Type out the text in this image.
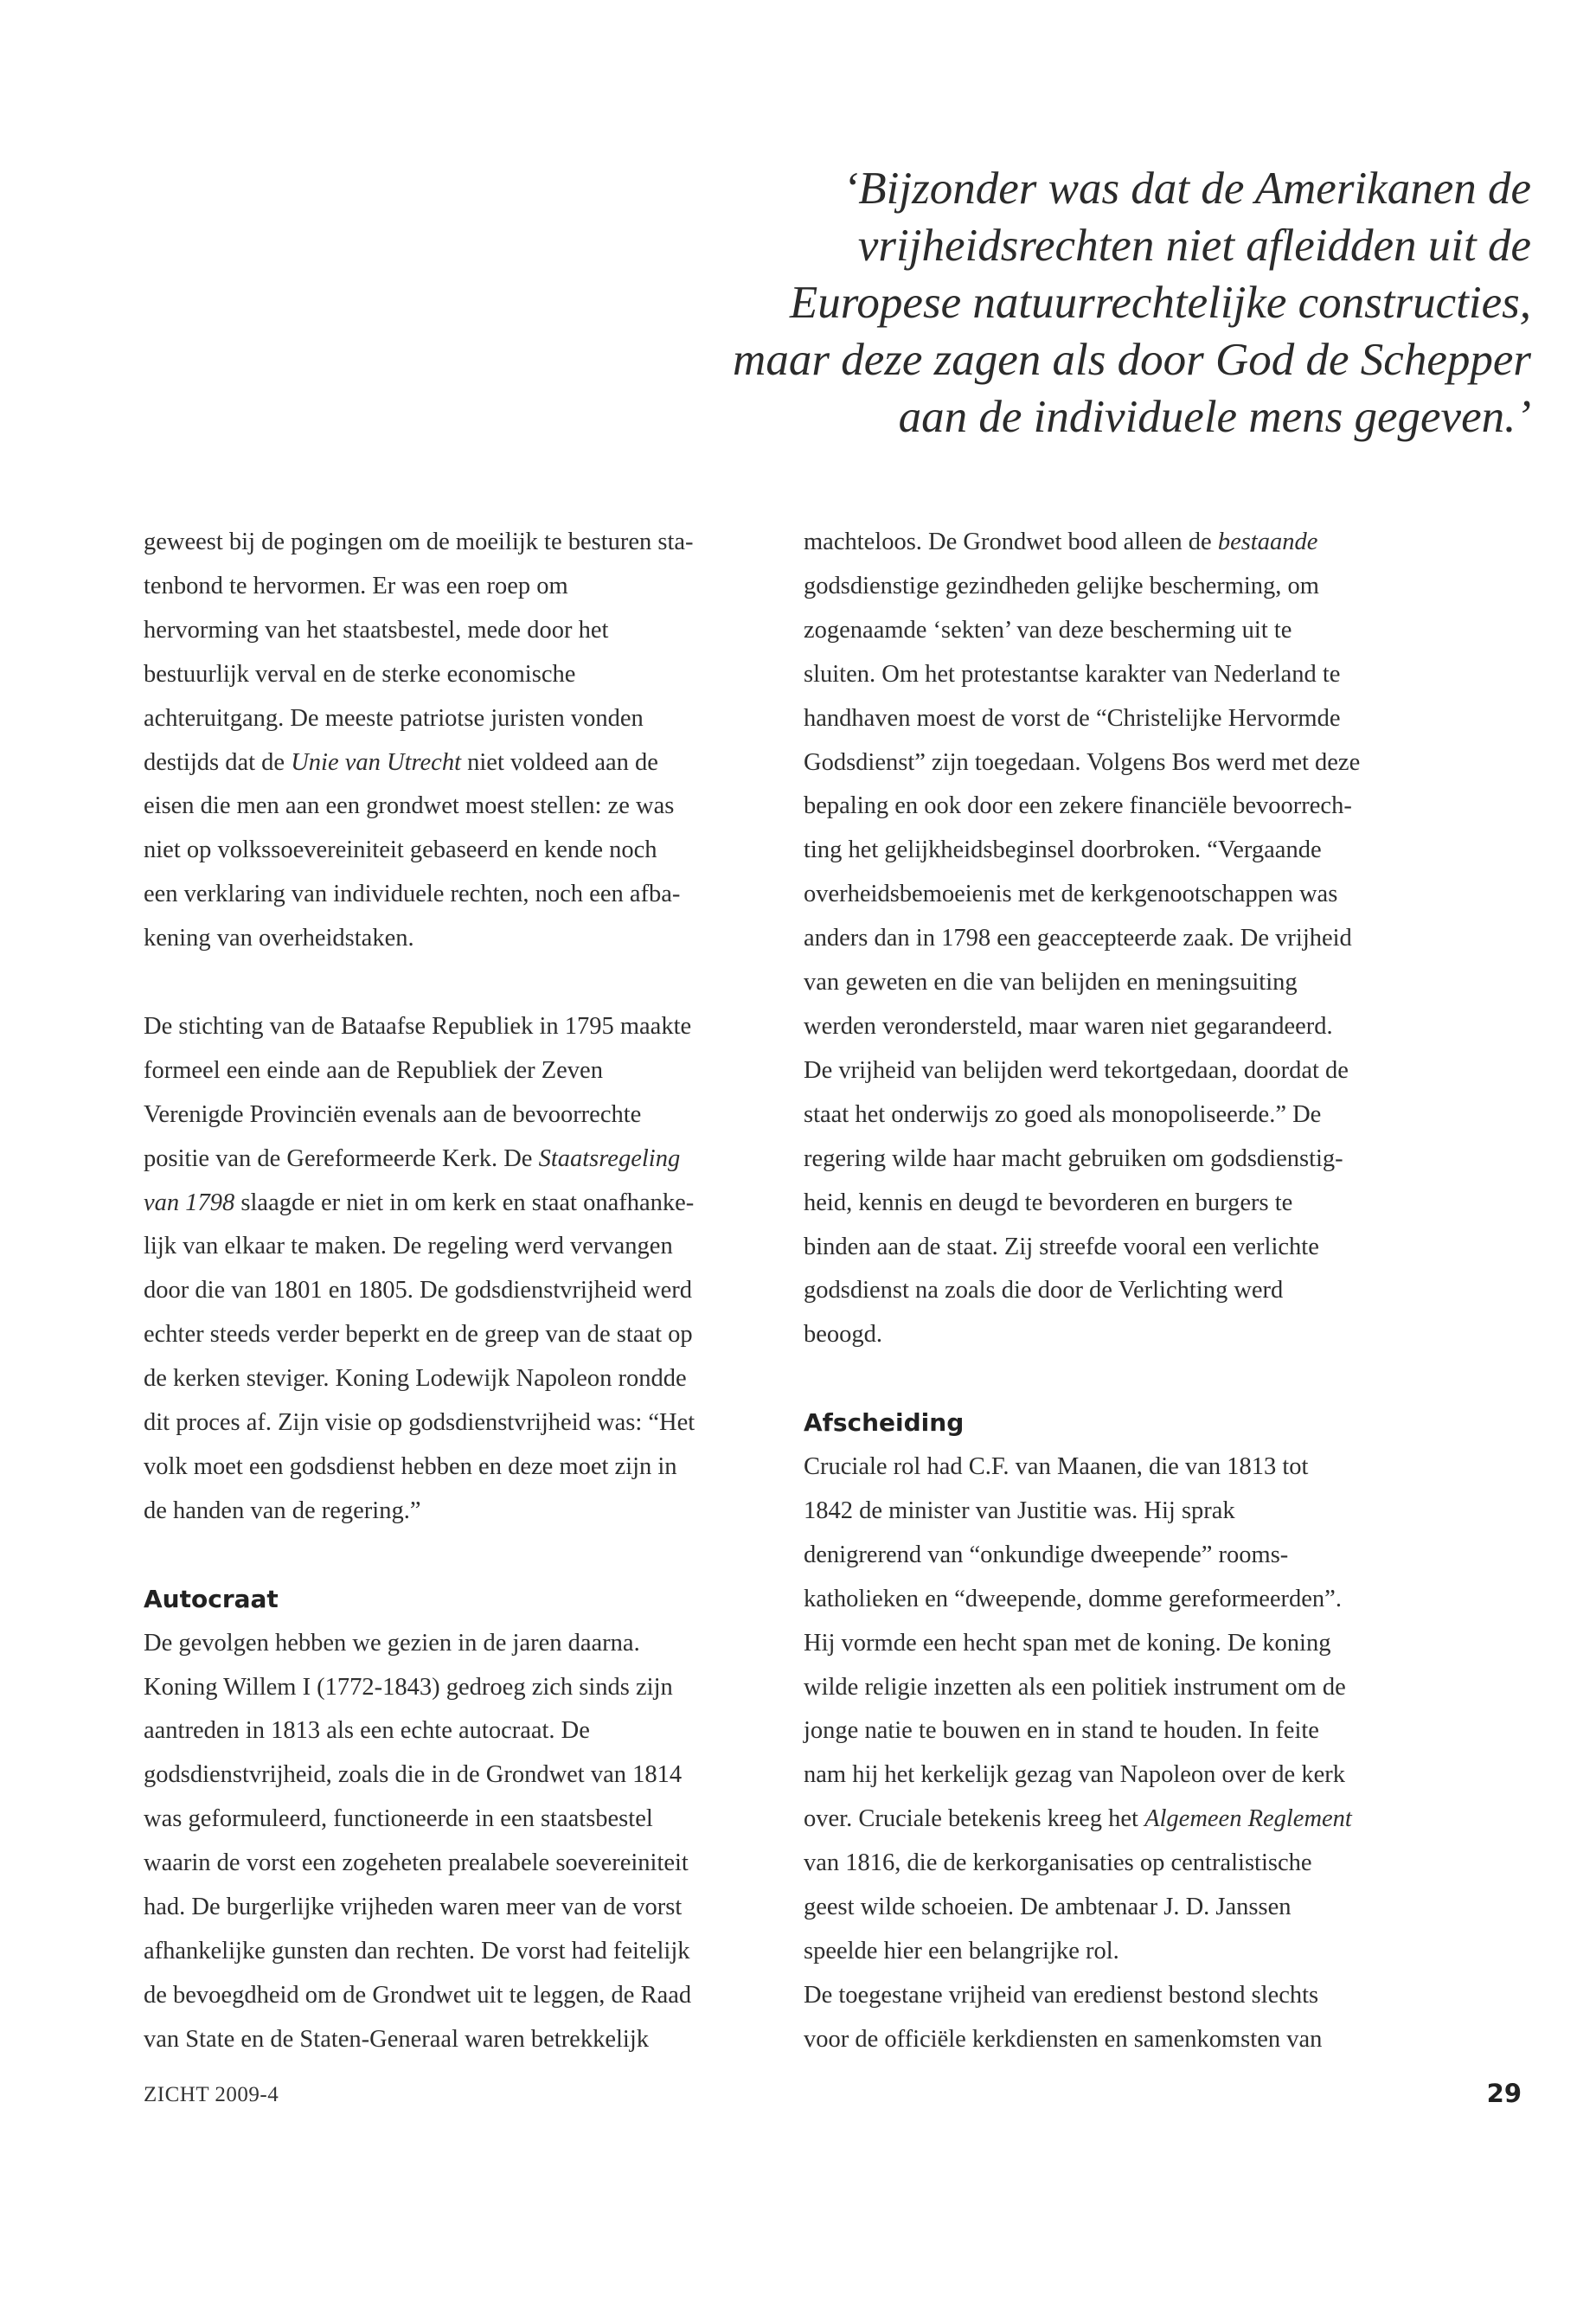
‘Bijzonder was dat de Amerikanen de
vrijheidsrechten niet afleidden uit de
Europese natuurrechtelijke constructies,
maar deze zagen als door God de Schepper
aan de individuele mens gegeven.’
geweest bij de pogingen om de moeilijk te besturen sta-
tenbond te hervormen. Er was een roep om
hervorming van het staatsbestel, mede door het
bestuurlijk verval en de sterke economische
achteruitgang. De meeste patriotse juristen vonden
destijds dat de Unie van Utrecht niet voldeed aan de
eisen die men aan een grondwet moest stellen: ze was
niet op volkssoevereiniteit gebaseerd en kende noch
een verklaring van individuele rechten, noch een afba-
kening van overheidstaken.
De stichting van de Bataafse Republiek in 1795 maakte
formeel een einde aan de Republiek der Zeven
Verenigde Provinciën evenals aan de bevoorrechte
positie van de Gereformeerde Kerk. De Staatsregeling
van 1798 slaagde er niet in om kerk en staat onafhanke-
lijk van elkaar te maken. De regeling werd vervangen
door die van 1801 en 1805. De godsdienstvrijheid werd
echter steeds verder beperkt en de greep van de staat op
de kerken steviger. Koning Lodewijk Napoleon rondde
dit proces af. Zijn visie op godsdienstvrijheid was: “Het
volk moet een godsdienst hebben en deze moet zijn in
de handen van de regering.”
Autocraat
De gevolgen hebben we gezien in de jaren daarna.
Koning Willem I (1772-1843) gedroeg zich sinds zijn
aantreden in 1813 als een echte autocraat. De
godsdienstvrijheid, zoals die in de Grondwet van 1814
was geformuleerd, functioneerde in een staatsbestel
waarin de vorst een zogeheten prealabele soevereiniteit
had. De burgerlijke vrijheden waren meer van de vorst
afhankelijke gunsten dan rechten. De vorst had feitelijk
de bevoegdheid om de Grondwet uit te leggen, de Raad
van State en de Staten-Generaal waren betrekkelijk
machteloos. De Grondwet bood alleen de bestaande
godsdienstige gezindheden gelijke bescherming, om
zogenaamde ‘sekten’ van deze bescherming uit te
sluiten. Om het protestantse karakter van Nederland te
handhaven moest de vorst de “Christelijke Hervormde
Godsdienst” zijn toegedaan. Volgens Bos werd met deze
bepaling en ook door een zekere financiële bevoorrech-
ting het gelijkheidsbeginsel doorbroken. “Vergaande
overheidsbemoeienis met de kerkgenootschappen was
anders dan in 1798 een geaccepteerde zaak. De vrijheid
van geweten en die van belijden en meningsuiting
werden verondersteld, maar waren niet gegarandeerd.
De vrijheid van belijden werd tekortgedaan, doordat de
staat het onderwijs zo goed als monopoliseerde.” De
regering wilde haar macht gebruiken om godsdienstig-
heid, kennis en deugd te bevorderen en burgers te
binden aan de staat. Zij streefde vooral een verlichte
godsdienst na zoals die door de Verlichting werd
beoogd.
Afscheiding
Cruciale rol had C.F. van Maanen, die van 1813 tot
1842 de minister van Justitie was. Hij sprak
denigrerend van “onkundige dweepende” rooms-
katholieken en “dweepende, domme gereformeerden”.
Hij vormde een hecht span met de koning. De koning
wilde religie inzetten als een politiek instrument om de
jonge natie te bouwen en in stand te houden. In feite
nam hij het kerkelijk gezag van Napoleon over de kerk
over. Cruciale betekenis kreeg het Algemeen Reglement
van 1816, die de kerkorganisaties op centralistische
geest wilde schoeien. De ambtenaar J. D. Janssen
speelde hier een belangrijke rol.
De toegestane vrijheid van eredienst bestond slechts
voor de officiële kerkdiensten en samenkomsten van
ZICHT 2009-4	29
